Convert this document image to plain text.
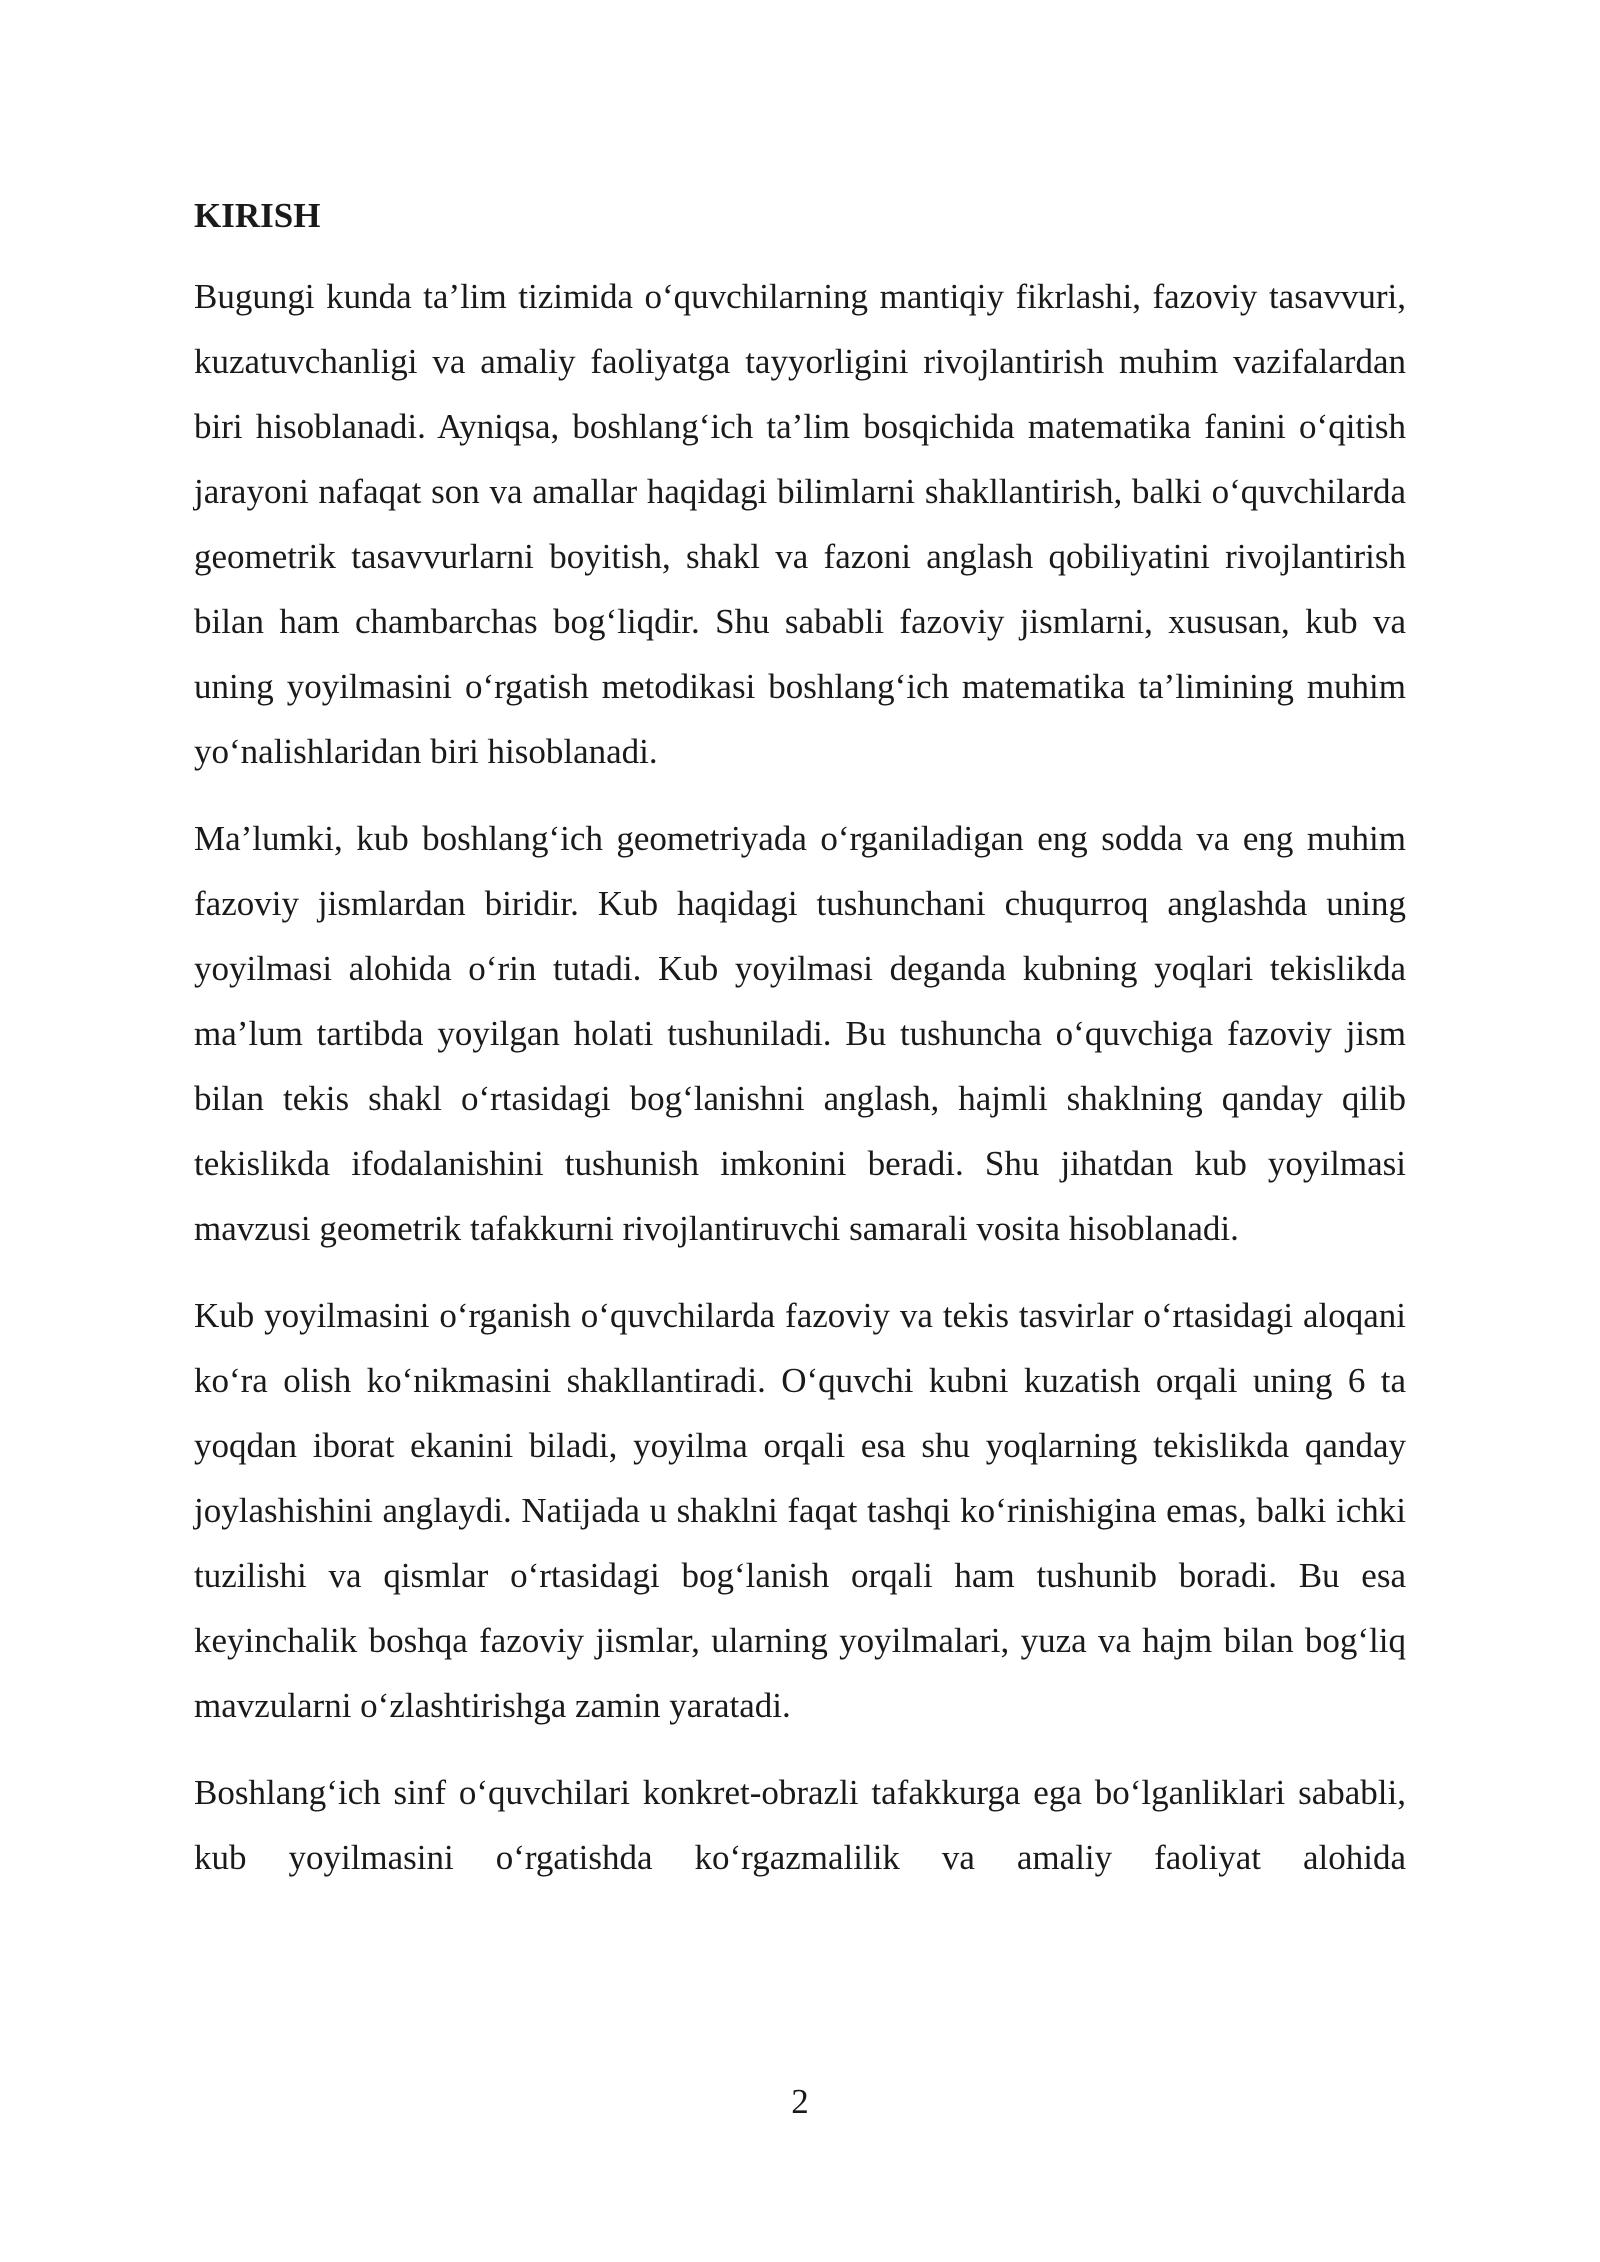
KIRISH

Bugungi kunda ta’lim tizimida o‘quvchilarning mantiqiy fikrlashi, fazoviy tasavvuri, kuzatuvchanligi va amaliy faoliyatga tayyorligini rivojlantirish muhim vazifalardan biri hisoblanadi. Ayniqsa, boshlang‘ich ta’lim bosqichida matematika fanini o‘qitish jarayoni nafaqat son va amallar haqidagi bilimlarni shakllantirish, balki o‘quvchilarda geometrik tasavvurlarni boyitish, shakl va fazoni anglash qobiliyatini rivojlantirish bilan ham chambarchas bog‘liqdir. Shu sababli fazoviy jismlarni, xususan, kub va uning yoyilmasini o‘rgatish metodikasi boshlang‘ich matematika ta’limining muhim yo‘nalishlaridan biri hisoblanadi.

Ma’lumki, kub boshlang‘ich geometriyada o‘rganiladigan eng sodda va eng muhim fazoviy jismlardan biridir. Kub haqidagi tushunchani chuqurroq anglashda uning yoyilmasi alohida o‘rin tutadi. Kub yoyilmasi deganda kubning yoqlari tekislikda ma’lum tartibda yoyilgan holati tushuniladi. Bu tushuncha o‘quvchiga fazoviy jism bilan tekis shakl o‘rtasidagi bog‘lanishni anglash, hajmli shaklning qanday qilib tekislikda ifodalanishini tushunish imkonini beradi. Shu jihatdan kub yoyilmasi mavzusi geometrik tafakkurni rivojlantiruvchi samarali vosita hisoblanadi.

Kub yoyilmasini o‘rganish o‘quvchilarda fazoviy va tekis tasvirlar o‘rtasidagi aloqani ko‘ra olish ko‘nikmasini shakllantiradi. O‘quvchi kubni kuzatish orqali uning 6 ta yoqdan iborat ekanini biladi, yoyilma orqali esa shu yoqlarning tekislikda qanday joylashishini anglaydi. Natijada u shaklni faqat tashqi ko‘rinishigina emas, balki ichki tuzilishi va qismlar o‘rtasidagi bog‘lanish orqali ham tushunib boradi. Bu esa keyinchalik boshqa fazoviy jismlar, ularning yoyilmalari, yuza va hajm bilan bog‘liq mavzularni o‘zlashtirishga zamin yaratadi.

Boshlang‘ich sinf o‘quvchilari konkret-obrazli tafakkurga ega bo‘lganliklari sababli, kub yoyilmasini o‘rgatishda ko‘rgazmalilik va amaliy faoliyat alohida

2
